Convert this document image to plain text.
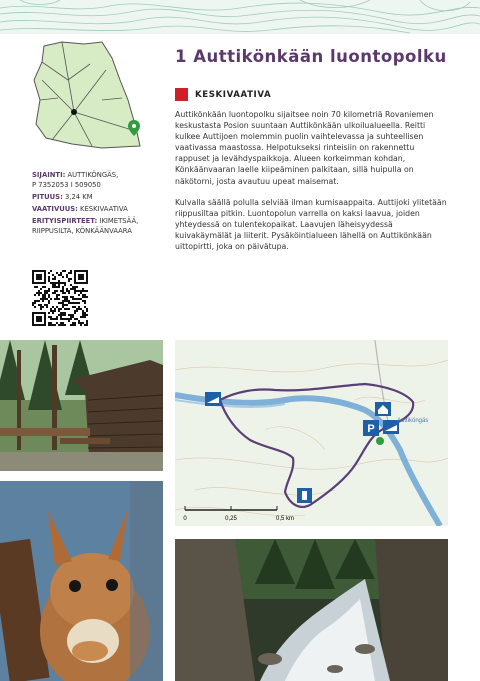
SIJAINTI: AUTTIKÖNGÄS,
P 7352053 I 509050
PITUUS: 3,24 KM
VAATIVUUS: KESKIVAATIVA
ERITYISPIIRTEET: IKIMETSÄÄ,
RIIPPUSILTA, KÖNKÄÄNVAARA
1 Auttikönkään luontopolku
KESKIVAATIVA

Auttikönkään luontopolku sijaitsee noin 70 kilometriä Rovaniemen keskustasta Posion suuntaan Auttikönkään ulkoilualueella. Reitti kulkee Auttijoen molemmin puolin vaihtelevassa ja suhteellisen vaativassa maastossa. Helpotukseksi rinteisiin on rakennettu rappuset ja levähdyspaikkoja. Alueen korkeimman kohdan, Könkäänvaaran laelle kiipeäminen palkitaan, sillä huipulla on näkötorni, josta avautuu upeat maisemat.

Kulvalla säällä polulla selviää ilman kumisaappaita. Auttijoki ylitetään riippusiltaa pitkin. Luontopolun varrella on kaksi laavua, joiden yhteydessä on tulentekopaikat. Laavujen läheisyydessä kuivakäymälät ja liiterit. Pysäköintialueen lähellä on Auttikönkään uittopirtti, joka on päivätupa.

P
Auttiköngäs
0	0,25	0,5 km
